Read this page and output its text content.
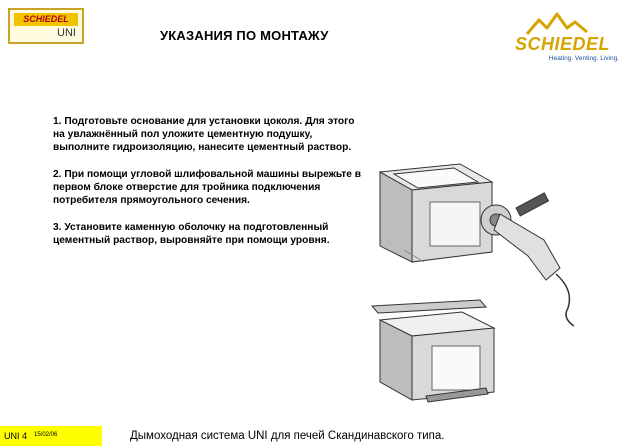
SCHIEDEL
UNI	УКАЗАНИЯ ПО МОНТАЖУ	SCHIEDEL
Heating. Venting. Living.

1. Подготовьте основание для установки цоколя. Для этого на увлажнённый пол уложите цементную подушку, выполните гидроизоляцию, нанесите цементный раствор.

2. При помощи угловой шлифовальной машины вырежьте в первом блоке отверстие для тройника подключения потребителя прямоугольного сечения.

3. Установите каменную оболочку на подготовленный цементный раствор, выровняйте при помощи уровня.

UNI 4 15/02/06	Дымоходная система UNI для печей Скандинавского типа.
